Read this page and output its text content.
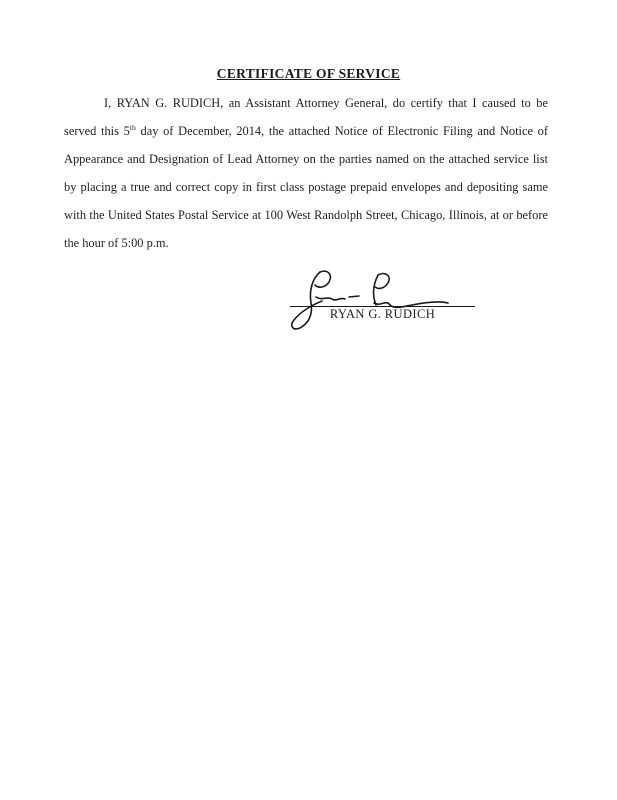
CERTIFICATE OF SERVICE
I, RYAN G. RUDICH, an Assistant Attorney General, do certify that I caused to be served this 5th day of December, 2014, the attached Notice of Electronic Filing and Notice of Appearance and Designation of Lead Attorney on the parties named on the attached service list by placing a true and correct copy in first class postage prepaid envelopes and depositing same with the United States Postal Service at 100 West Randolph Street, Chicago, Illinois, at or before the hour of 5:00 p.m.
RYAN G. RUDICH
